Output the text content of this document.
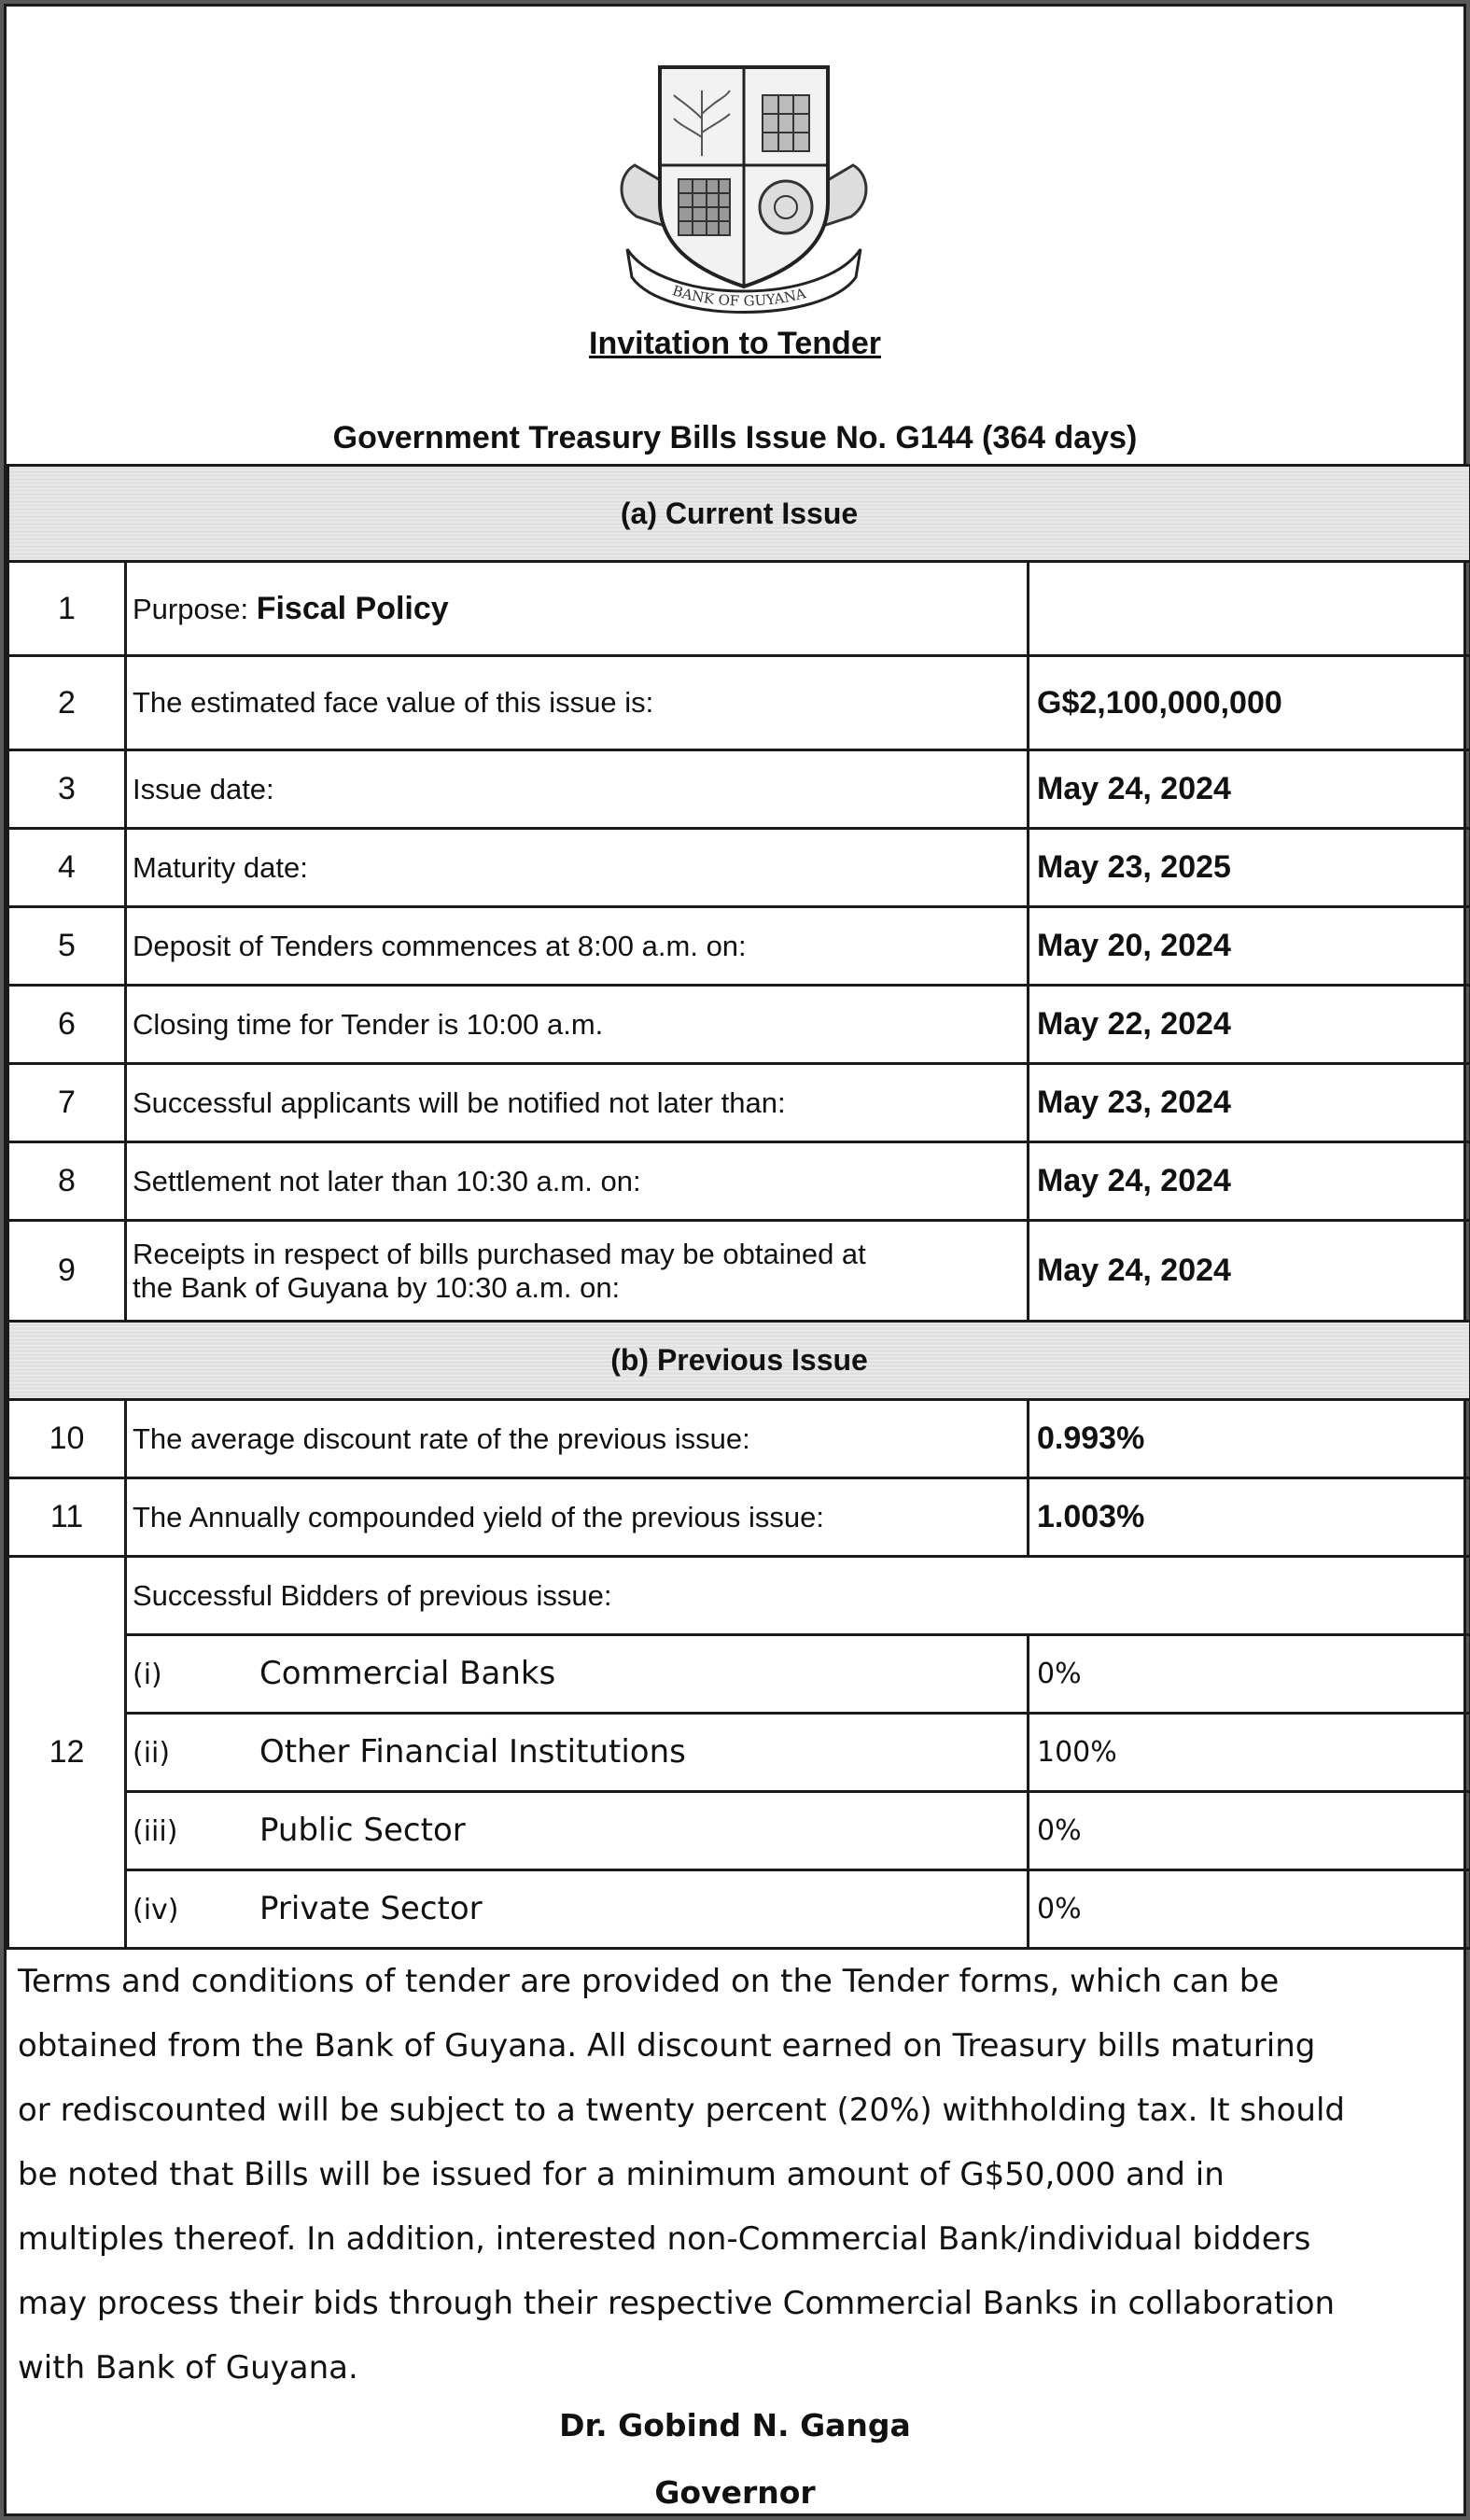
BANK OF GUYANA
Invitation to Tender
Government Treasury Bills Issue No. G144 (364 days)
(a) Current Issue		
1	Purpose: Fiscal Policy	
2	The estimated face value of this issue is:	G$2,100,000,000
3	Issue date:	May 24, 2024
4	Maturity date:	May 23, 2025
5	Deposit of Tenders commences at 8:00 a.m. on:	May 20, 2024
6	Closing time for Tender is 10:00 a.m.	May 22, 2024
7	Successful applicants will be notified not later than:	May 23, 2024
8	Settlement not later than 10:30 a.m. on:	May 24, 2024
9	Receipts in respect of bills purchased may be obtained at
the Bank of Guyana by 10:30 a.m. on:	May 24, 2024
(b) Previous Issue		
10	The average discount rate of the previous issue:	0.993%
11	The Annually compounded yield of the previous issue:	1.003%
12	Successful Bidders of previous issue:	
	(i) Commercial Banks	0%
	(ii) Other Financial Institutions	100%
	(iii) Public Sector	0%
	(iv) Private Sector	0%
Terms and conditions of tender are provided on the Tender forms, which can be
obtained from the Bank of Guyana. All discount earned on Treasury bills maturing
or rediscounted will be subject to a twenty percent (20%) withholding tax. It should
be noted that Bills will be issued for a minimum amount of G$50,000 and in
multiples thereof. In addition, interested non-Commercial Bank/individual bidders
may process their bids through their respective Commercial Banks in collaboration
with Bank of Guyana.
Dr. Gobind N. Ganga
Governor
